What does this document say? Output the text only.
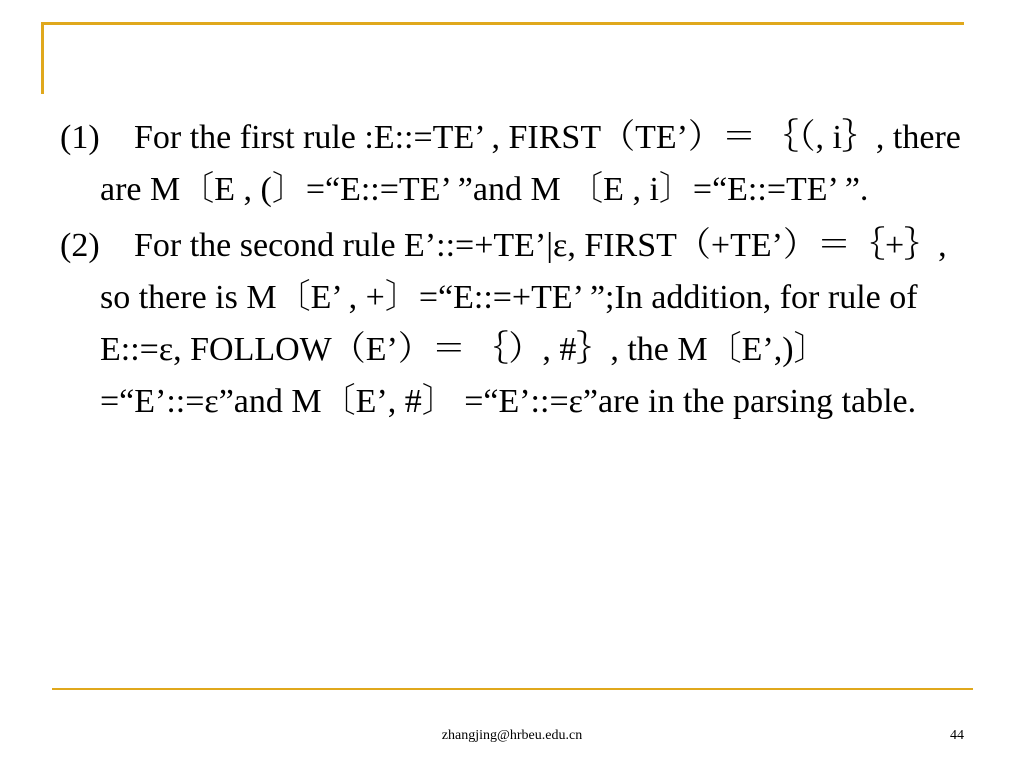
(1)	For the first rule :E::=TE’ , FIRST（TE’）＝ ｛（, i｝, there are M〔E , (〕=“E::=TE’ ”and M 〔E , i〕=“E::=TE’ ”.
(2)	For the second rule E’::=+TE’|ε, FIRST（+TE’）＝｛+｝, so there is M〔E’ , +〕=“E::=+TE’ ”;In addition, for rule of E::=ε, FOLLOW（E’）＝ ｛）, #｝, the M〔E’,)〕=“E’::=ε”and M〔E’, #〕 =“E’::=ε”are in the parsing table.
zhangjing@hrbeu.edu.cn	44
